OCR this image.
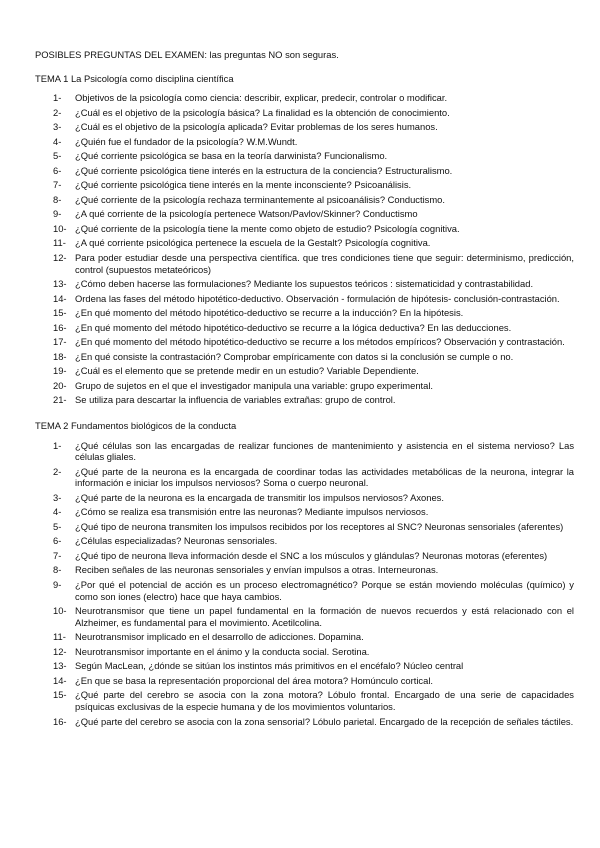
POSIBLES PREGUNTAS DEL EXAMEN: las preguntas NO son seguras.

TEMA 1 La Psicología como disciplina científica

1-	Objetivos de la psicología como ciencia: describir, explicar, predecir, controlar o modificar.
2-	¿Cuál es el objetivo de la psicología básica? La finalidad es la obtención de conocimiento.
3-	¿Cuál es el objetivo de la psicología aplicada? Evitar problemas de los seres humanos.
4-	¿Quién fue el fundador de la psicología? W.M.Wundt.
5-	¿Qué corriente psicológica se basa en la teoría darwinista? Funcionalismo.
6-	¿Qué corriente psicológica tiene interés en la estructura de la conciencia? Estructuralismo.
7-	¿Qué corriente psicológica tiene interés en la mente inconsciente? Psicoanálisis.
8-	¿Qué corriente de la psicología rechaza terminantemente al psicoanálisis? Conductismo.
9-	¿A qué corriente de la psicología pertenece Watson/Pavlov/Skinner? Conductismo
10- ¿Qué corriente de la psicología tiene la mente como objeto de estudio? Psicología cognitiva.
11- ¿A qué corriente psicológica pertenece la escuela de la Gestalt? Psicología cognitiva.
12- Para poder estudiar desde una perspectiva científica. que tres condiciones tiene que seguir: determinismo, predicción, control (supuestos metateóricos)
13- ¿Cómo deben hacerse las formulaciones? Mediante los supuestos teóricos : sistematicidad y contrastabilidad.
14- Ordena las fases del método hipotético-deductivo. Observación - formulación de hipótesis- conclusión-contrastación.
15- ¿En qué momento del método hipotético-deductivo se recurre a la inducción? En la hipótesis.
16- ¿En qué momento del método hipotético-deductivo se recurre a la lógica deductiva? En las deducciones.
17- ¿En qué momento del método hipotético-deductivo se recurre a los métodos empíricos? Observación y contrastación.
18- ¿En qué consiste la contrastación? Comprobar empíricamente con datos si la conclusión se cumple o no.
19- ¿Cuál es el elemento que se pretende medir en un estudio? Variable Dependiente.
20- Grupo de sujetos en el que el investigador manipula una variable: grupo experimental.
21- Se utiliza para descartar la influencia de variables extrañas: grupo de control.

TEMA 2 Fundamentos biológicos de la conducta

1-	¿Qué células son las encargadas de realizar funciones de mantenimiento y asistencia en el sistema nervioso? Las células gliales.
2-	¿Qué parte de la neurona es la encargada de coordinar todas las actividades metabólicas de la neurona, integrar la información e iniciar los impulsos nerviosos? Soma o cuerpo neuronal.
3-	¿Qué parte de la neurona es la encargada de transmitir los impulsos nerviosos? Axones.
4-	¿Cómo se realiza esa transmisión entre las neuronas? Mediante impulsos nerviosos.
5-	¿Qué tipo de neurona transmiten los impulsos recibidos por los receptores al SNC? Neuronas sensoriales (aferentes)
6-	¿Células especializadas? Neuronas sensoriales.
7-	¿Qué tipo de neurona lleva información desde el SNC a los músculos y glándulas? Neuronas motoras (eferentes)
8-	Reciben señales de las neuronas sensoriales y envían impulsos a otras. Interneuronas.
9-	¿Por qué el potencial de acción es un proceso electromagnético? Porque se están moviendo moléculas (químico) y como son iones (electro) hace que haya cambios.
10- Neurotransmisor que tiene un papel fundamental en la formación de nuevos recuerdos y está relacionado con el Alzheimer, es fundamental para el movimiento. Acetilcolina.
11- Neurotransmisor implicado en el desarrollo de adicciones. Dopamina.
12- Neurotransmisor importante en el ánimo y la conducta social. Serotina.
13- Según MacLean, ¿dónde se sitúan los instintos más primitivos en el encéfalo? Núcleo central
14- ¿En que se basa la representación proporcional del área motora? Homúnculo cortical.
15- ¿Qué parte del cerebro se asocia con la zona motora? Lóbulo frontal. Encargado de una serie de capacidades psíquicas exclusivas de la especie humana y de los movimientos voluntarios.
16- ¿Qué parte del cerebro se asocia con la zona sensorial? Lóbulo parietal. Encargado de la recepción de señales táctiles.
